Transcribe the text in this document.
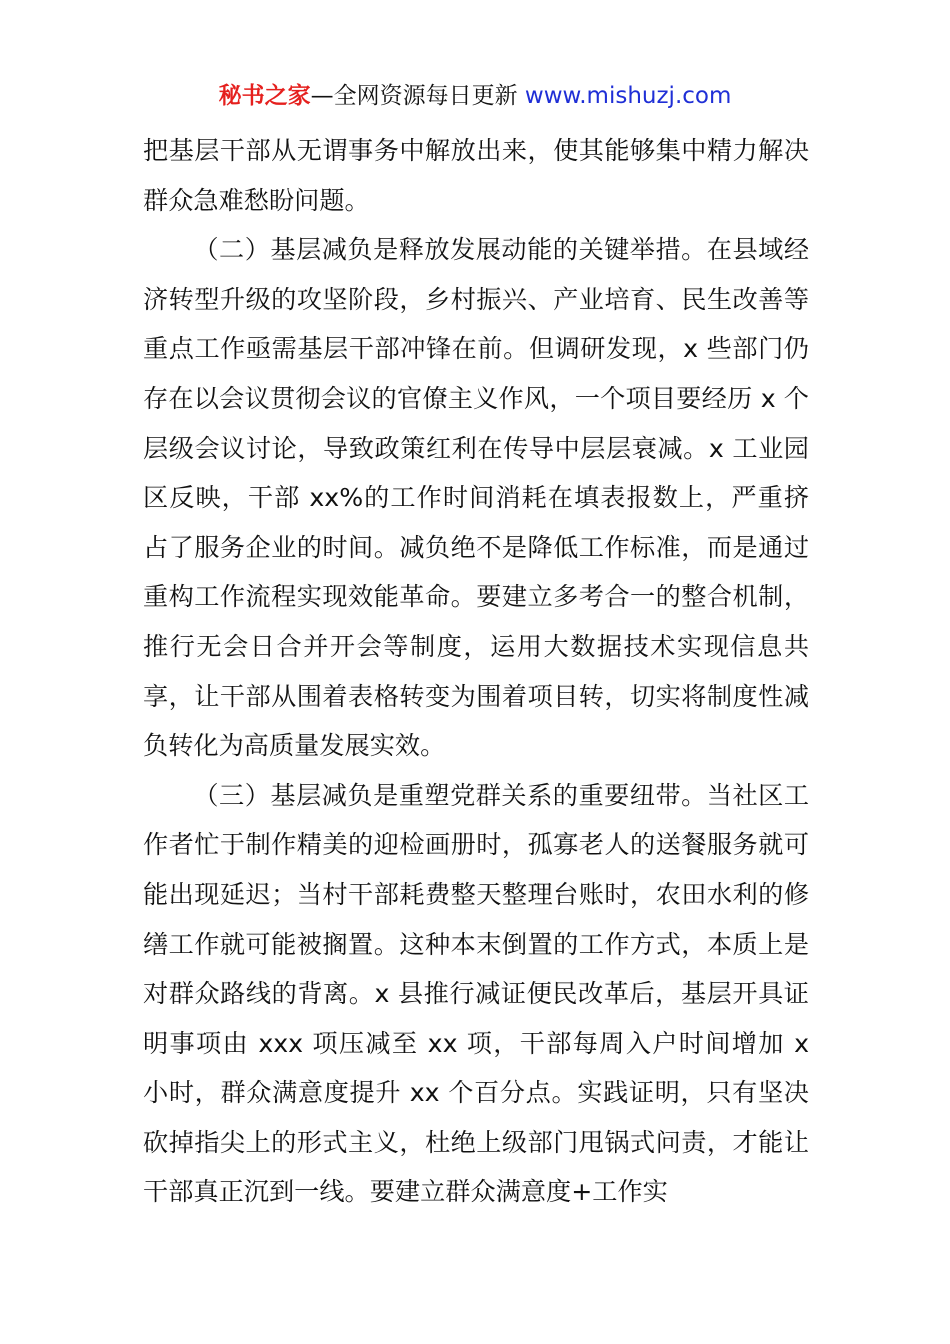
秘书之家—全网资源每日更新 www.mishuzj.com

把基层干部从无谓事务中解放出来，使其能够集中精力解决群众急难愁盼问题。

（二）基层减负是释放发展动能的关键举措。在县域经济转型升级的攻坚阶段，乡村振兴、产业培育、民生改善等重点工作亟需基层干部冲锋在前。但调研发现，x 些部门仍存在以会议贯彻会议的官僚主义作风，一个项目要经历 x 个层级会议讨论，导致政策红利在传导中层层衰减。x 工业园区反映，干部 xx%的工作时间消耗在填表报数上，严重挤占了服务企业的时间。减负绝不是降低工作标准，而是通过重构工作流程实现效能革命。要建立多考合一的整合机制，推行无会日合并开会等制度，运用大数据技术实现信息共享，让干部从围着表格转变为围着项目转，切实将制度性减负转化为高质量发展实效。

（三）基层减负是重塑党群关系的重要纽带。当社区工作者忙于制作精美的迎检画册时，孤寡老人的送餐服务就可能出现延迟；当村干部耗费整天整理台账时，农田水利的修缮工作就可能被搁置。这种本末倒置的工作方式，本质上是对群众路线的背离。x 县推行减证便民改革后，基层开具证明事项由 xxx 项压减至 xx 项，干部每周入户时间增加 x 小时，群众满意度提升 xx 个百分点。实践证明，只有坚决砍掉指尖上的形式主义，杜绝上级部门甩锅式问责，才能让干部真正沉到一线。要建立群众满意度+工作实
